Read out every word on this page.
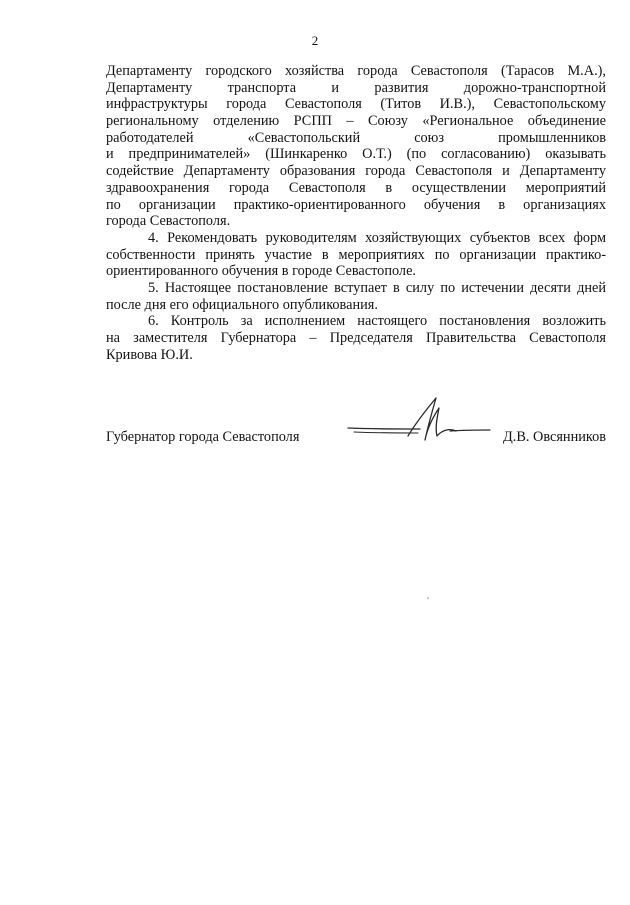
2
Департаменту городского хозяйства города Севастополя (Тарасов М.А.),
Департаменту транспорта и развития дорожно-транспортной
инфраструктуры города Севастополя (Титов И.В.), Севастопольскому
региональному отделению РСПП – Союзу «Региональное объединение
работодателей «Севастопольский союз промышленников
и предпринимателей» (Шинкаренко О.Т.) (по согласованию) оказывать
содействие Департаменту образования города Севастополя и Департаменту
здравоохранения города Севастополя в осуществлении мероприятий
по организации практико-ориентированного обучения в организациях
города Севастополя.
4. Рекомендовать руководителям хозяйствующих субъектов всех форм
собственности принять участие в мероприятиях по организации практико-
ориентированного обучения в городе Севастополе.
5. Настоящее постановление вступает в силу по истечении десяти дней
после дня его официального опубликования.
6. Контроль за исполнением настоящего постановления возложить
на заместителя Губернатора – Председателя Правительства Севастополя
Кривова Ю.И.
Губернатор города Севастополя	Д.В. Овсянников
